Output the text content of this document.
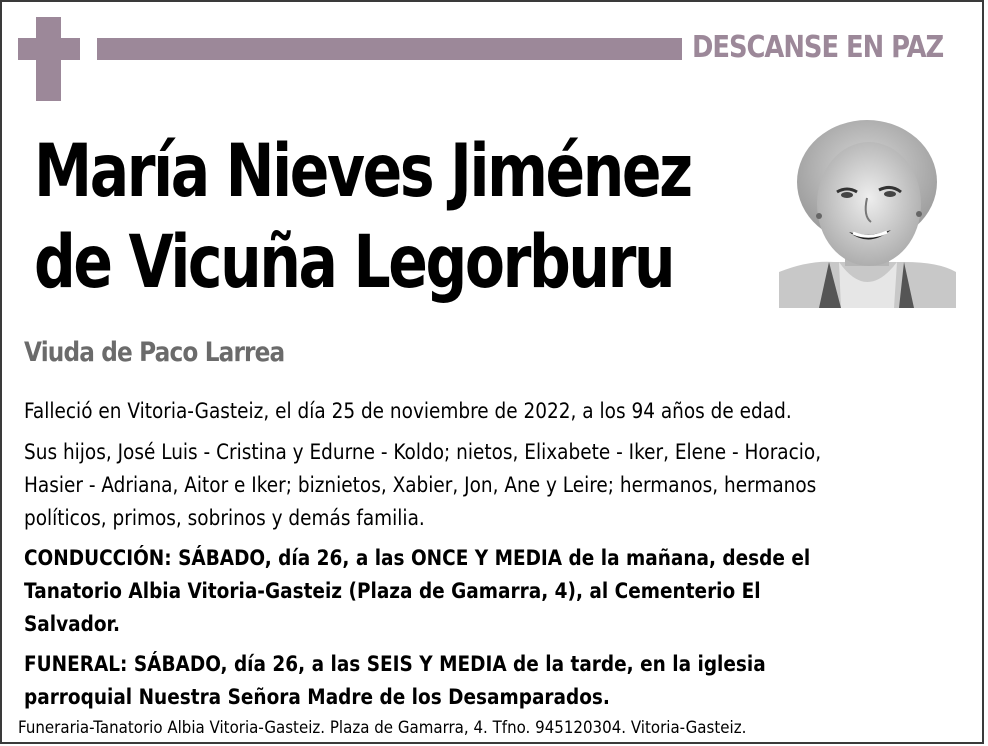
DESCANSE EN PAZ
María Nieves Jiménez
de Vicuña Legorburu
Viuda de Paco Larrea
Falleció en Vitoria-Gasteiz, el día 25 de noviembre de 2022, a los 94 años de edad.
Sus hijos, José Luis - Cristina y Edurne - Koldo; nietos, Elixabete - Iker, Elene - Horacio,
Hasier - Adriana, Aitor e Iker; biznietos, Xabier, Jon, Ane y Leire; hermanos, hermanos
políticos, primos, sobrinos y demás familia.
CONDUCCIÓN: SÁBADO, día 26, a las ONCE Y MEDIA de la mañana, desde el
Tanatorio Albia Vitoria-Gasteiz (Plaza de Gamarra, 4), al Cementerio El
Salvador.
FUNERAL: SÁBADO, día 26, a las SEIS Y MEDIA de la tarde, en la iglesia
parroquial Nuestra Señora Madre de los Desamparados.
Funeraria-Tanatorio Albia Vitoria-Gasteiz. Plaza de Gamarra, 4. Tfno. 945120304. Vitoria-Gasteiz.
